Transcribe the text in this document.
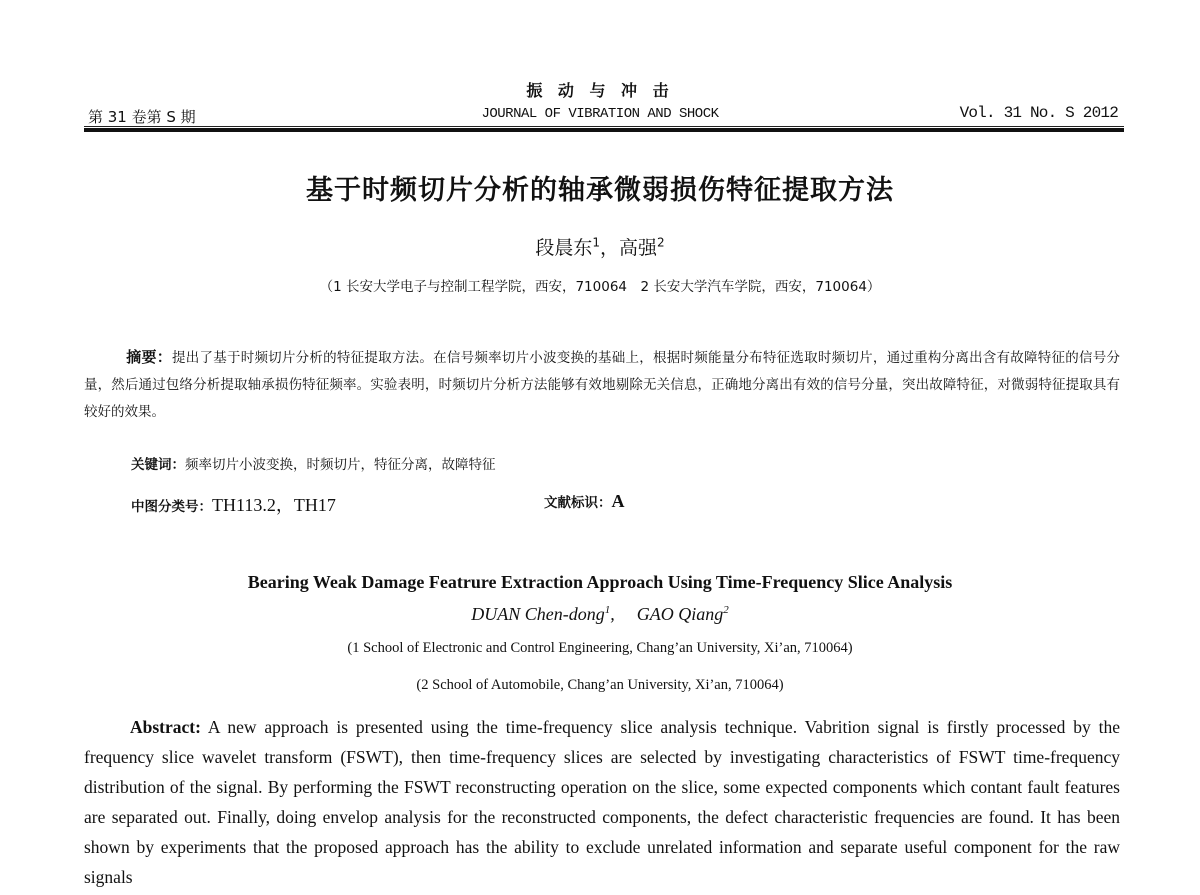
第 31 卷第 S 期
振 动 与 冲 击
JOURNAL OF VIBRATION AND SHOCK	Vol. 31 No. S 2012
基于时频切片分析的轴承微弱损伤特征提取方法
段晨东$^1$，高强$^2$
（1 长安大学电子与控制工程学院，西安，710064　2 长安大学汽车学院，西安，710064）
摘要：提出了基于时频切片分析的特征提取方法。在信号频率切片小波变换的基础上，根据时频能量分布特征选取时频切片，通过重构分离出含有故障特征的信号分量，然后通过包络分析提取轴承损伤特征频率。实验表明，时频切片分析方法能够有效地剔除无关信息，正确地分离出有效的信号分量，突出故障特征，对微弱特征提取具有较好的效果。
关键词：频率切片小波变换，时频切片，特征分离，故障特征
中图分类号：TH113.2，TH17	文献标识：A
Bearing Weak Damage Featrure Extraction Approach Using Time-Frequency Slice Analysis
DUAN Chen-dong$^1$, GAO Qiang$^2$
(1 School of Electronic and Control Engineering, Chang’an University, Xi’an, 710064)
(2 School of Automobile, Chang’an University, Xi’an, 710064)
Abstract: A new approach is presented using the time-frequency slice analysis technique. Vabrition signal is firstly processed by the frequency slice wavelet transform (FSWT), then time-frequency slices are selected by investigating characteristics of FSWT time-frequency distribution of the signal. By performing the FSWT reconstructing operation on the slice, some expected components which contant fault features are separated out. Finally, doing envelop analysis for the reconstructed components, the defect characteristic frequencies are found. It has been shown by experiments that the proposed approach has the ability to exclude unrelated information and separate useful component for the raw signals
